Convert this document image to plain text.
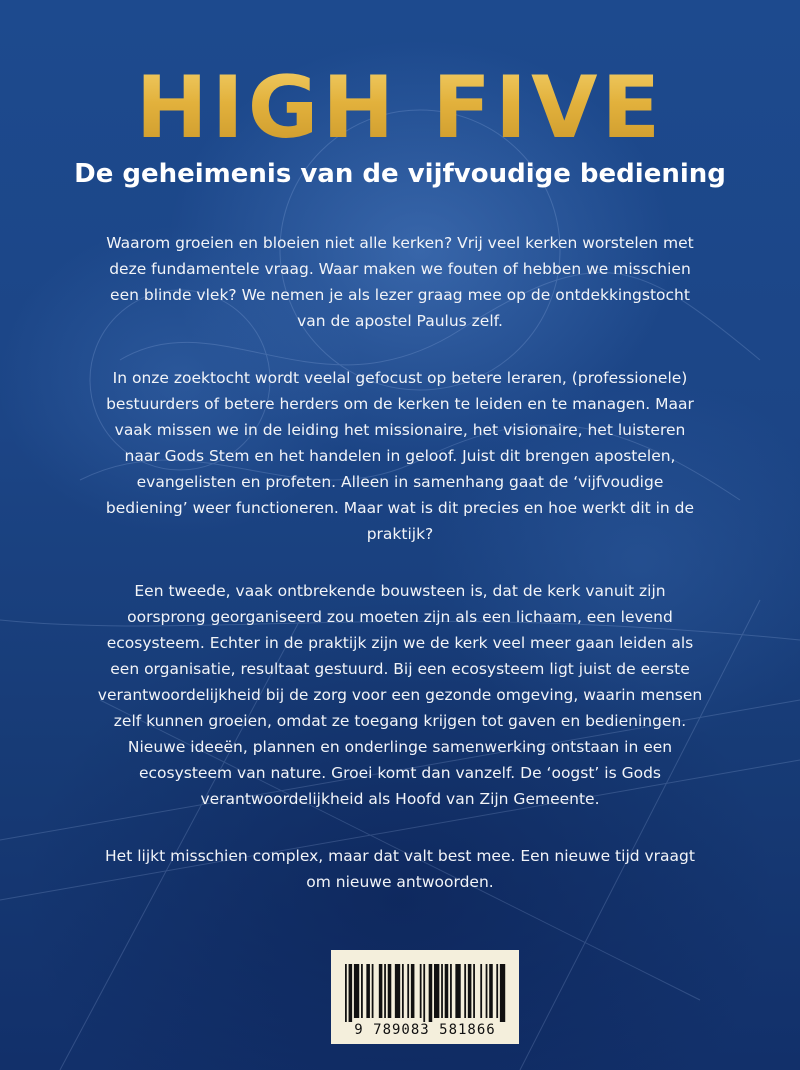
HIGH FIVE
De geheimenis van de vijfvoudige bediening

Waarom groeien en bloeien niet alle kerken? Vrij veel kerken worstelen met deze fundamentele vraag. Waar maken we fouten of hebben we misschien een blinde vlek? We nemen je als lezer graag mee op de ontdekkingstocht van de apostel Paulus zelf.

In onze zoektocht wordt veelal gefocust op betere leraren, (professionele) bestuurders of betere herders om de kerken te leiden en te managen. Maar vaak missen we in de leiding het missionaire, het visionaire, het luisteren naar Gods Stem en het handelen in geloof. Juist dit brengen apostelen, evangelisten en profeten. Alleen in samenhang gaat de ‘vijfvoudige bediening’ weer functioneren. Maar wat is dit precies en hoe werkt dit in de praktijk?

Een tweede, vaak ontbrekende bouwsteen is, dat de kerk vanuit zijn oorsprong georganiseerd zou moeten zijn als een lichaam, een levend ecosysteem. Echter in de praktijk zijn we de kerk veel meer gaan leiden als een organisatie, resultaat gestuurd. Bij een ecosysteem ligt juist de eerste verantwoordelijkheid bij de zorg voor een gezonde omgeving, waarin mensen zelf kunnen groeien, omdat ze toegang krijgen tot gaven en bedieningen. Nieuwe ideeën, plannen en onderlinge samenwerking ontstaan in een ecosysteem van nature. Groei komt dan vanzelf. De ‘oogst’ is Gods verantwoordelijkheid als Hoofd van Zijn Gemeente.

Het lijkt misschien complex, maar dat valt best mee. Een nieuwe tijd vraagt om nieuwe antwoorden.

9 789083 581866
